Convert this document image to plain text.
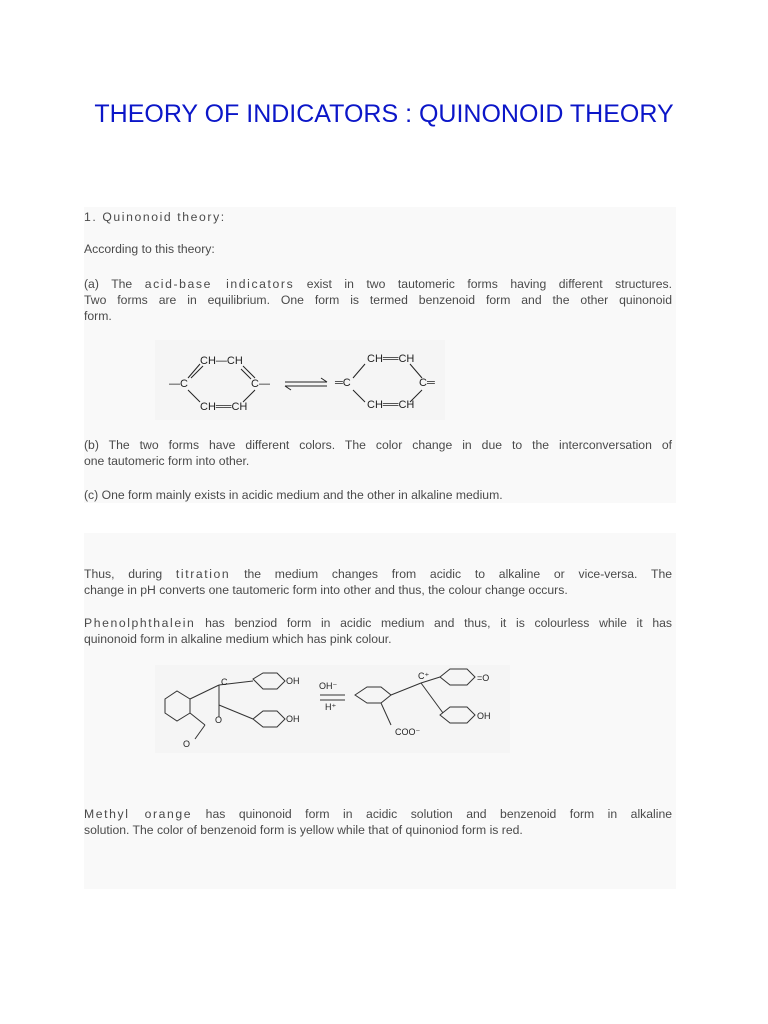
THEORY OF INDICATORS : QUINONOID THEORY
1. Quinonoid theory:
According to this theory:
(a) The acid-base indicators exist in two tautomeric forms having different structures.
Two forms are in equilibrium. One form is termed benzenoid form and the other quinonoid
form.
CH—CH
CH══CH
—C	C—
CH══CH
CH══CH
═C	C═
(b) The two forms have different colors. The color change in due to the interconversation of
one tautomeric form into other.
(c) One form mainly exists in acidic medium and the other in alkaline medium.
Thus, during titration the medium changes from acidic to alkaline or vice-versa. The
change in pH converts one tautomeric form into other and thus, the colour change occurs.
Phenolphthalein has benziod form in acidic medium and thus, it is colourless while it has
quinonoid form in alkaline medium which has pink colour.
C
O
O
OH
OH
OH⁻
H⁺
C⁺	=O
OH
COO⁻
Methyl orange has quinonoid form in acidic solution and benzenoid form in alkaline
solution. The color of benzenoid form is yellow while that of quinoniod form is red.
